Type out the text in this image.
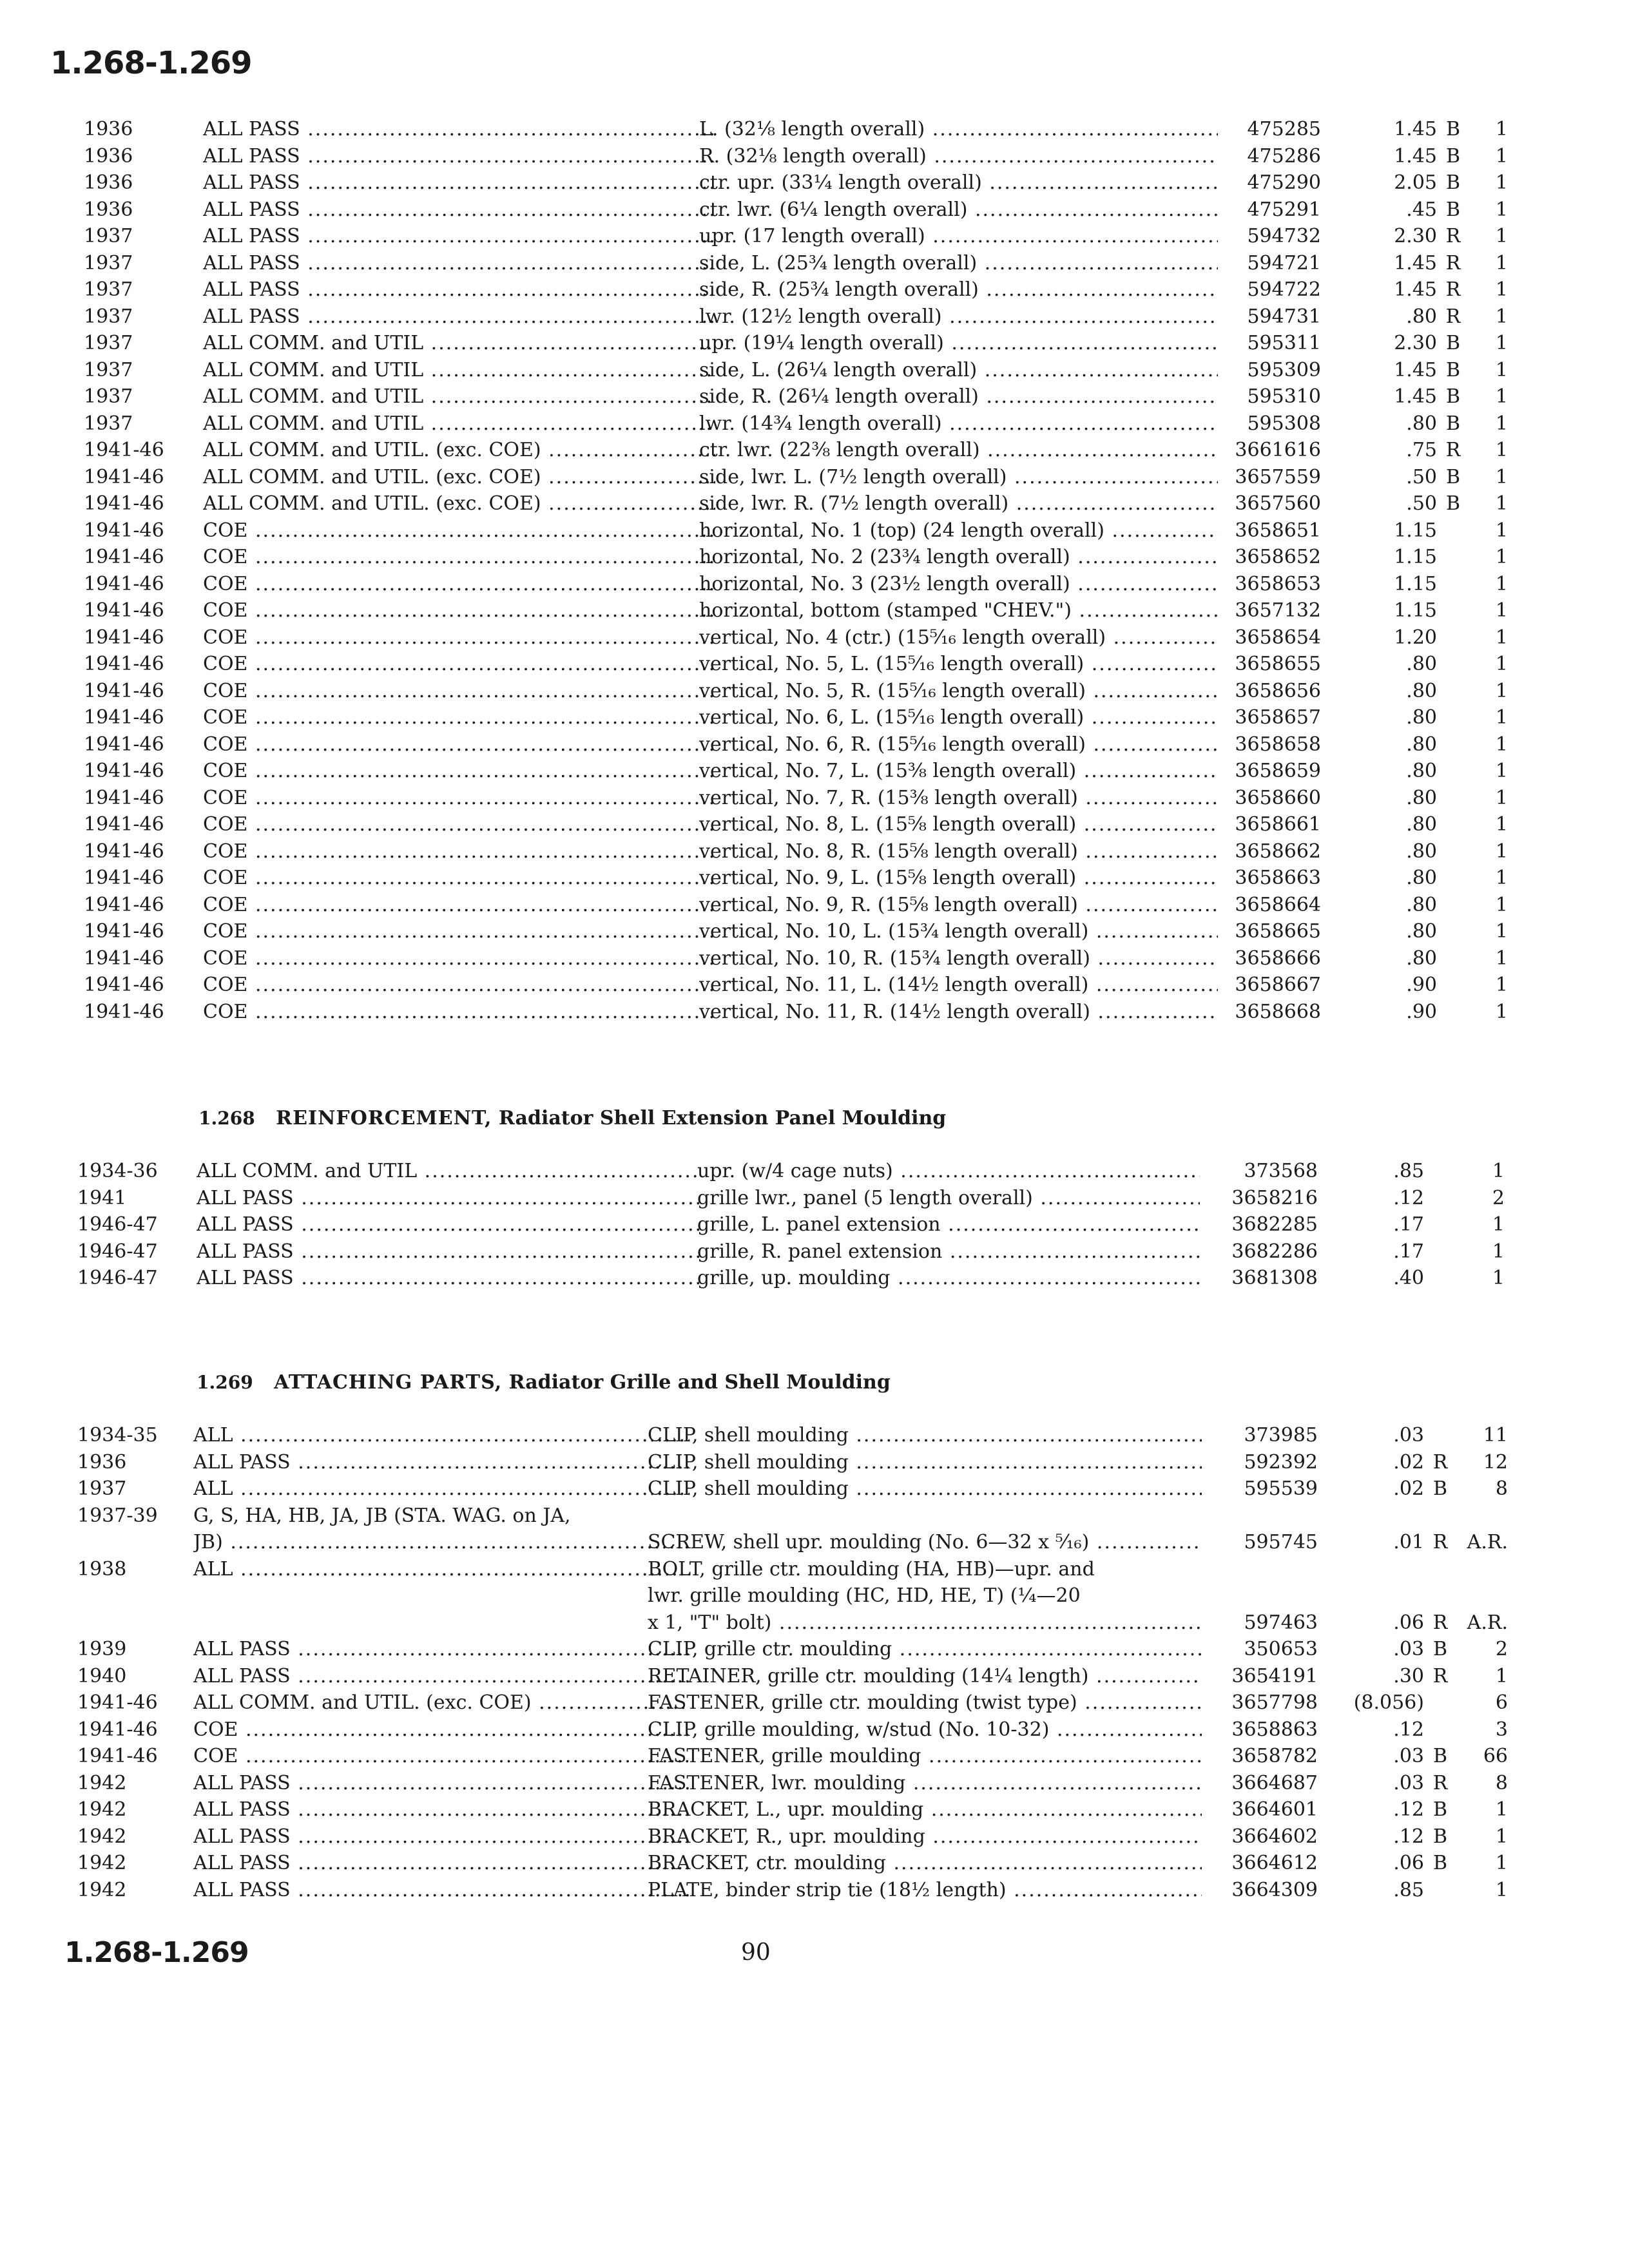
1.268-1.269
1936	ALL PASS .....	L. (32⅛ length overall) .....	475285	1.45 B	1
1936	ALL PASS .....	R. (32⅛ length overall) .....	475286	1.45 B	1
1936	ALL PASS .....	ctr. upr. (33¼ length overall) .....	475290	2.05 B	1
1936	ALL PASS .....	ctr. lwr. (6¼ length overall) .....	475291	.45 B	1
1937	ALL PASS .....	upr. (17 length overall) .....	594732	2.30 R	1
1937	ALL PASS .....	side, L. (25¾ length overall) .....	594721	1.45 R	1
1937	ALL PASS .....	side, R. (25¾ length overall) .....	594722	1.45 R	1
1937	ALL PASS .....	lwr. (12½ length overall) .....	594731	.80 R	1
1937	ALL COMM. and UTIL .....	upr. (19¼ length overall) .....	595311	2.30 B	1
1937	ALL COMM. and UTIL .....	side, L. (26¼ length overall) .....	595309	1.45 B	1
1937	ALL COMM. and UTIL .....	side, R. (26¼ length overall) .....	595310	1.45 B	1
1937	ALL COMM. and UTIL .....	lwr. (14¾ length overall) .....	595308	.80 B	1
1941-46 ALL COMM. and UTIL. (exc. COE) .....	ctr. lwr. (22⅜ length overall) .....	3661616	.75 R	1
1941-46 ALL COMM. and UTIL. (exc. COE) .....	side, lwr. L. (7½ length overall) .....	3657559	.50 B	1
1941-46 ALL COMM. and UTIL. (exc. COE) .....	side, lwr. R. (7½ length overall) .....	3657560	.50 B	1
1941-46 COE .....	horizontal, No. 1 (top) (24 length overall) .....	3658651	1.15	1
1941-46 COE .....	horizontal, No. 2 (23¾ length overall) .....	3658652	1.15	1
1941-46 COE .....	horizontal, No. 3 (23½ length overall) .....	3658653	1.15	1
1941-46 COE .....	horizontal, bottom (stamped "CHEV.") .....	3657132	1.15	1
1941-46 COE .....	vertical, No. 4 (ctr.) (15⁵⁄₁₆ length overall) .....	3658654	1.20	1
1941-46 COE .....	vertical, No. 5, L. (15⁵⁄₁₆ length overall) .....	3658655	.80	1
1941-46 COE .....	vertical, No. 5, R. (15⁵⁄₁₆ length overall) .....	3658656	.80	1
1941-46 COE .....	vertical, No. 6, L. (15⁵⁄₁₆ length overall) .....	3658657	.80	1
1941-46 COE .....	vertical, No. 6, R. (15⁵⁄₁₆ length overall) .....	3658658	.80	1
1941-46 COE .....	vertical, No. 7, L. (15⅜ length overall) .....	3658659	.80	1
1941-46 COE .....	vertical, No. 7, R. (15⅜ length overall) .....	3658660	.80	1
1941-46 COE .....	vertical, No. 8, L. (15⅝ length overall) .....	3658661	.80	1
1941-46 COE .....	vertical, No. 8, R. (15⅝ length overall) .....	3658662	.80	1
1941-46 COE .....	vertical, No. 9, L. (15⅝ length overall) .....	3658663	.80	1
1941-46 COE .....	vertical, No. 9, R. (15⅝ length overall) .....	3658664	.80	1
1941-46 COE .....	vertical, No. 10, L. (15¾ length overall) .....	3658665	.80	1
1941-46 COE .....	vertical, No. 10, R. (15¾ length overall) .....	3658666	.80	1
1941-46 COE .....	vertical, No. 11, L. (14½ length overall) .....	3658667	.90	1
1941-46 COE .....	vertical, No. 11, R. (14½ length overall) .....	3658668	.90	1
1.268 REINFORCEMENT, Radiator Shell Extension Panel Moulding
1934-36 ALL COMM. and UTIL .....	upr. (w/4 cage nuts) .....	373568	.85	1
1941	ALL PASS .....	grille lwr., panel (5 length overall) .....	3658216	.12	2
1946-47 ALL PASS .....	grille, L. panel extension .....	3682285	.17	1
1946-47 ALL PASS .....	grille, R. panel extension .....	3682286	.17	1
1946-47 ALL PASS .....	grille, up. moulding .....	3681308	.40	1
1.269 ATTACHING PARTS, Radiator Grille and Shell Moulding
1934-35 ALL .....	CLIP, shell moulding .....	373985	.03	11
1936	ALL PASS .....	CLIP, shell moulding .....	592392	.02 R	12
1937	ALL .....	CLIP, shell moulding .....	595539	.02 B	8
1937-39 G, S, HA, HB, JA, JB (STA. WAG. on JA,
JB) .....	SCREW, shell upr. moulding (No. 6—32 x ⁵⁄₁₆) .....	595745	.01 R	A.R.
1938	ALL .....	BOLT, grille ctr. moulding (HA, HB)—upr. and
lwr. grille moulding (HC, HD, HE, T) (¼—20
x 1, "T" bolt) .....	597463	.06 R	A.R.
1939	ALL PASS .....	CLIP, grille ctr. moulding .....	350653	.03 B	2
1940	ALL PASS .....	RETAINER, grille ctr. moulding (14¼ length) .....	3654191	.30 R	1
1941-46 ALL COMM. and UTIL. (exc. COE) .....	FASTENER, grille ctr. moulding (twist type) .....	3657798	(8.056)	6
1941-46 COE .....	CLIP, grille moulding, w/stud (No. 10-32) .....	3658863	.12	3
1941-46 COE .....	FASTENER, grille moulding .....	3658782	.03 B	66
1942	ALL PASS .....	FASTENER, lwr. moulding .....	3664687	.03 R	8
1942	ALL PASS .....	BRACKET, L., upr. moulding .....	3664601	.12 B	1
1942	ALL PASS .....	BRACKET, R., upr. moulding .....	3664602	.12 B	1
1942	ALL PASS .....	BRACKET, ctr. moulding .....	3664612	.06 B	1
1942	ALL PASS .....	PLATE, binder strip tie (18½ length) .....	3664309	.85	1
1.268-1.269	90
